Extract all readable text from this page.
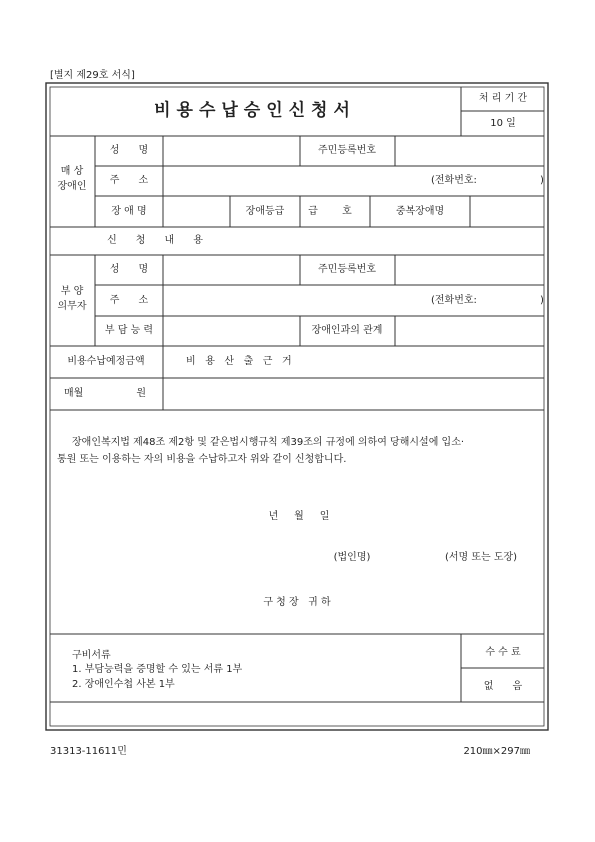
[별지 제29호 서식]
비용수납승인신청서
처 리 기 간
10 일
매 상
장애인
성      명	주민등록번호
주      소	(전화번호:	)
장 애 명	장애등급 급 호	중복장애명
신      청      내      용
부 양
의무자
성      명	주민등록번호
주      소	(전화번호:	)
부 담 능 력	장애인과의 관계
비용수납예정금액	비   용   산   출   근   거
매월	원
장애인복지법 제48조 제2항 및 같은법시행규칙 제39조의 규정에 의하여 당해시설에 입소·
통원 또는 이용하는 자의 비용을 수납하고자 위와 같이 신청합니다.
년     월     일
(법인명)	(서명 또는 도장)
구 청 장   귀 하
구비서류
1. 부담능력을 증명할 수 있는 서류 1부
2. 장애인수첩 사본 1부
수 수 료
없      음
31313-11611민	210㎜×297㎜
